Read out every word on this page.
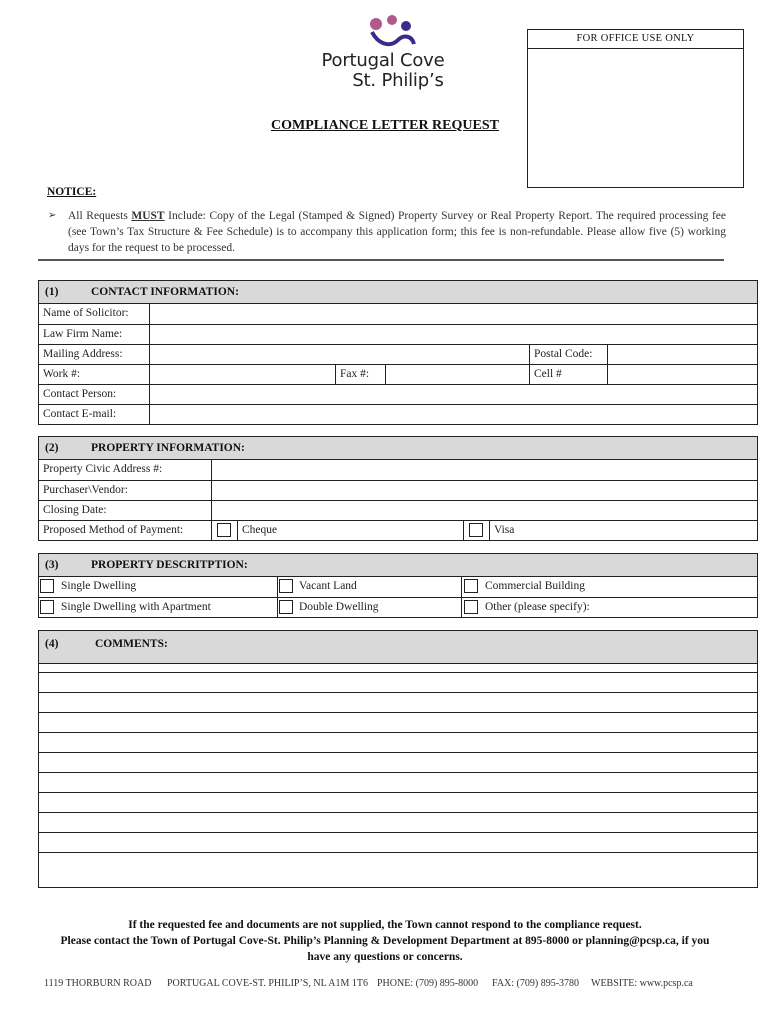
Portugal Cove
St. Philip’s
FOR OFFICE USE ONLY
COMPLIANCE LETTER REQUEST
NOTICE:
➢ All Requests MUST Include: Copy of the Legal (Stamped & Signed) Property Survey or Real Property Report. The required processing fee (see Town’s Tax Structure & Fee Schedule) is to accompany this application form; this fee is non-refundable. Please allow five (5) working days for the request to be processed.
(1)	CONTACT INFORMATION:
Name of Solicitor:
Law Firm Name:
Mailing Address:	Postal Code:
Work #:	Fax #:	Cell #
Contact Person:
Contact E-mail:
(2)	PROPERTY INFORMATION:
Property Civic Address #:
Purchaser\Vendor:
Closing Date:
Proposed Method of Payment:	Cheque	Visa
(3)	PROPERTY DESCRITPTION:
Single Dwelling	Vacant Land	Commercial Building
Single Dwelling with Apartment	Double Dwelling	Other (please specify):
(4)	COMMENTS:
If the requested fee and documents are not supplied, the Town cannot respond to the compliance request.
Please contact the Town of Portugal Cove-St. Philip’s Planning & Development Department at 895-8000 or planning@pcsp.ca, if you
have any questions or concerns.
1119 THORBURN ROAD PORTUGAL COVE-ST. PHILIP’S, NL A1M 1T6 PHONE: (709) 895-8000 FAX: (709) 895-3780 WEBSITE: www.pcsp.ca
